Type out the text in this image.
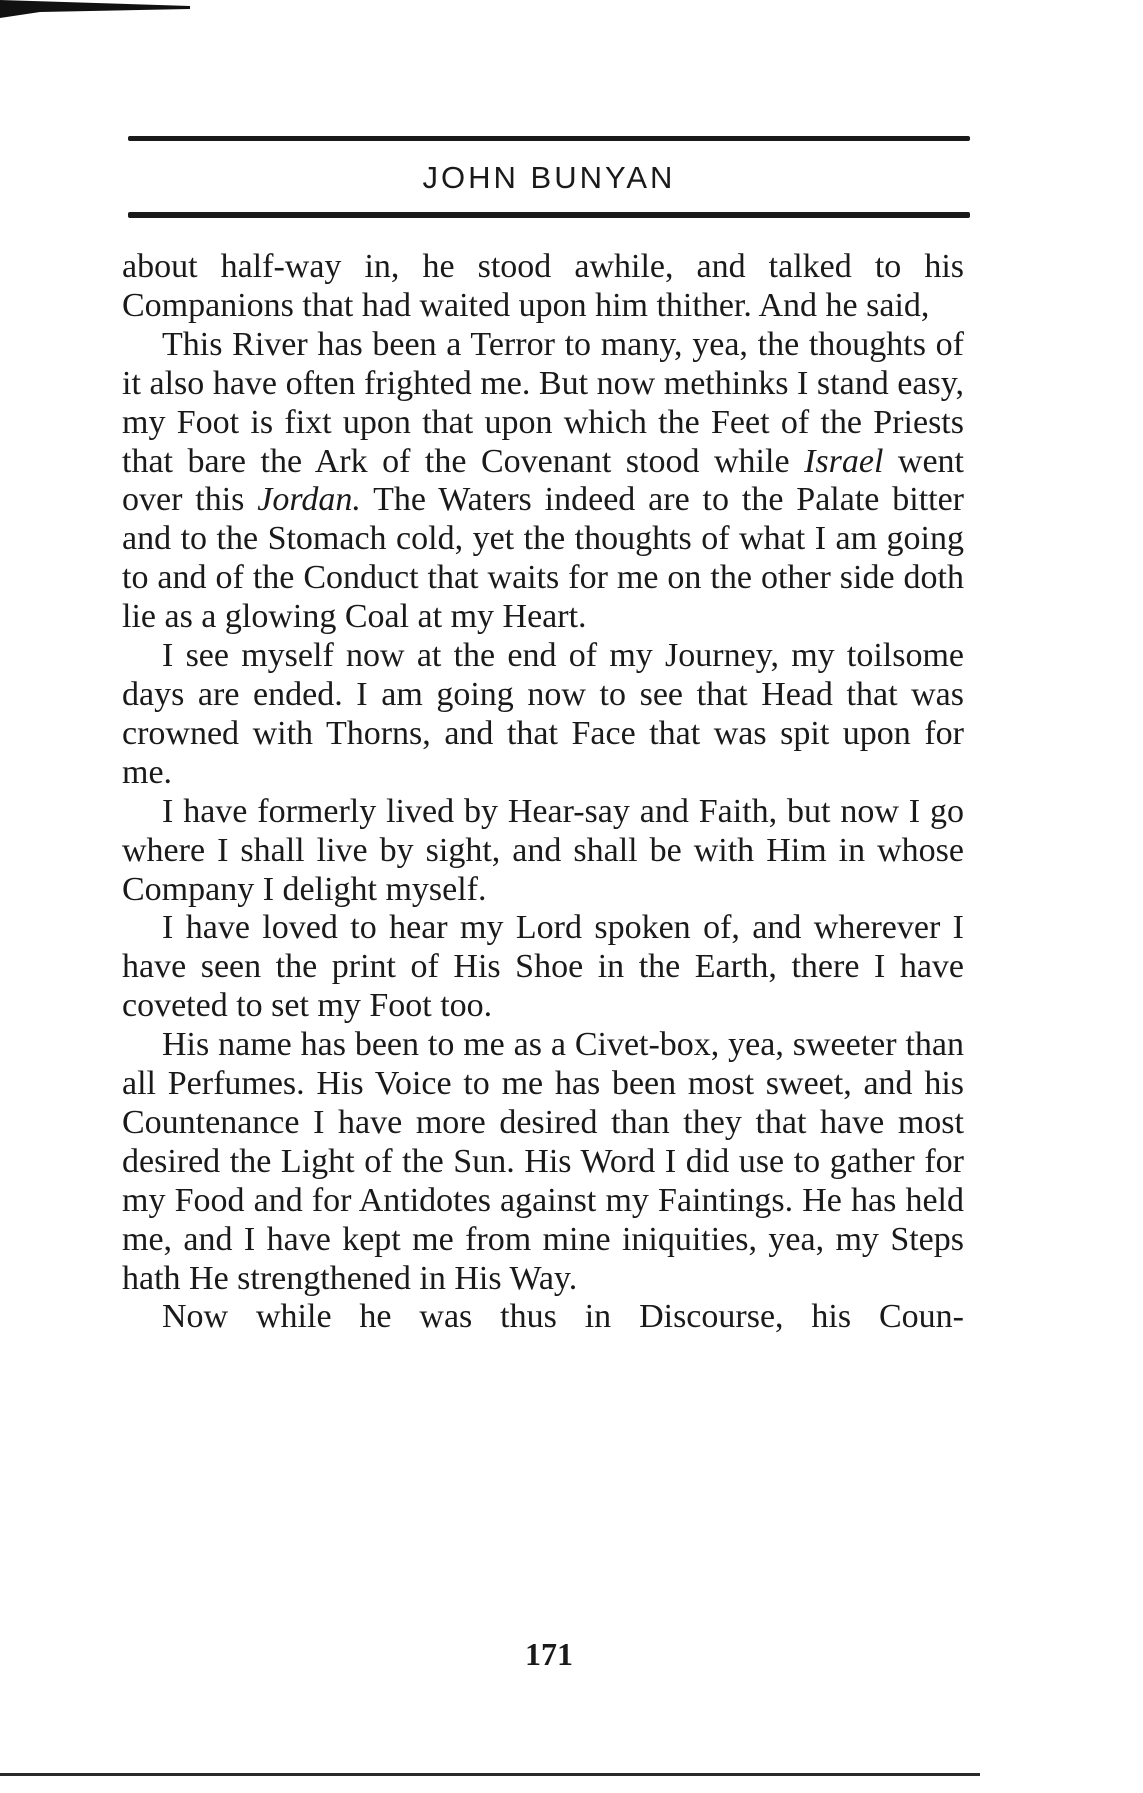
JOHN BUNYAN

about half-way in, he stood awhile, and talked to his Companions that had waited upon him thither. And he said,

This River has been a Terror to many, yea, the thoughts of it also have often frighted me. But now methinks I stand easy, my Foot is fixt upon that upon which the Feet of the Priests that bare the Ark of the Covenant stood while Israel went over this Jordan. The Waters indeed are to the Palate bitter and to the Stomach cold, yet the thoughts of what I am going to and of the Conduct that waits for me on the other side doth lie as a glowing Coal at my Heart.

I see myself now at the end of my Journey, my toilsome days are ended. I am going now to see that Head that was crowned with Thorns, and that Face that was spit upon for me.

I have formerly lived by Hear-say and Faith, but now I go where I shall live by sight, and shall be with Him in whose Company I delight myself.

I have loved to hear my Lord spoken of, and wherever I have seen the print of His Shoe in the Earth, there I have coveted to set my Foot too.

His name has been to me as a Civet-box, yea, sweeter than all Perfumes. His Voice to me has been most sweet, and his Countenance I have more desired than they that have most desired the Light of the Sun. His Word I did use to gather for my Food and for Antidotes against my Faintings. He has held me, and I have kept me from mine iniquities, yea, my Steps hath He strengthened in His Way.

Now while he was thus in Discourse, his Coun-

171
